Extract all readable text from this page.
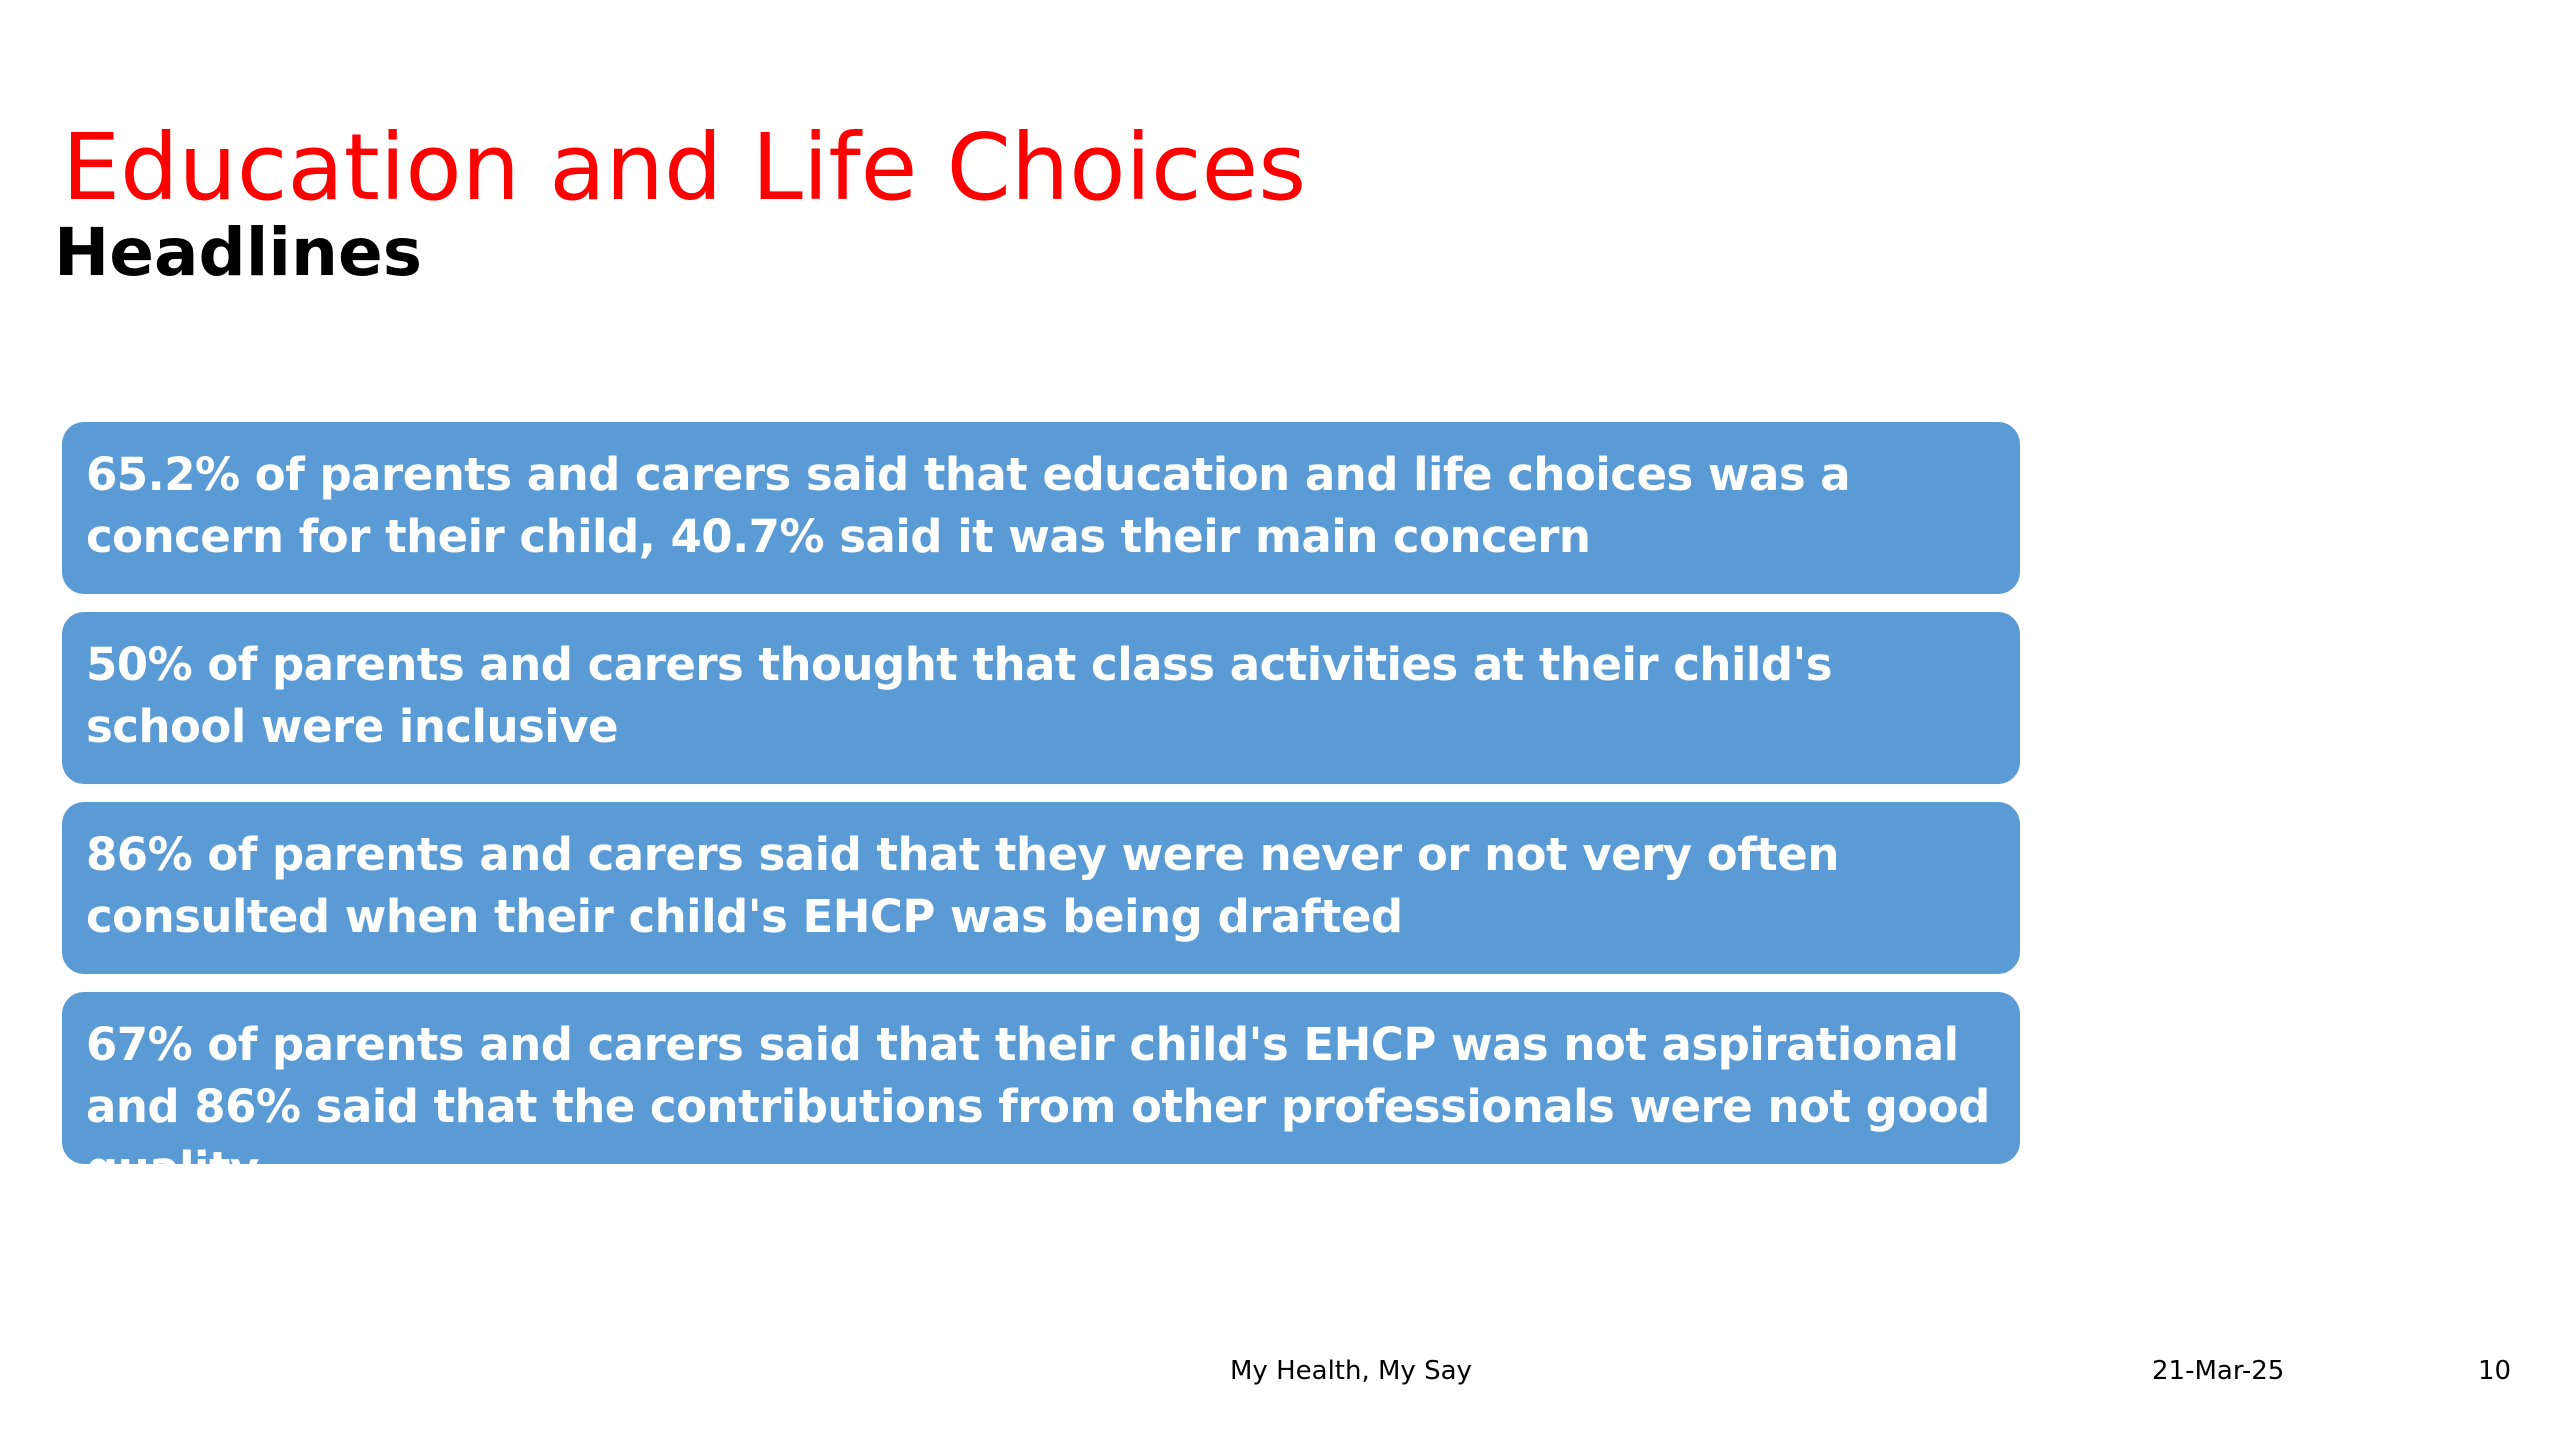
Education and Life Choices
Headlines
65.2% of parents and carers said that education and life choices was a concern for their child, 40.7% said it was their main concern
50% of parents and carers thought that class activities at their child's school were inclusive
86% of parents and carers said that they were never or not very often consulted when their child's EHCP was being drafted
67% of parents and carers said that their child's EHCP was not aspirational and 86% said that the contributions from other professionals were not good quality
My Health, My Say	21-Mar-25	10
